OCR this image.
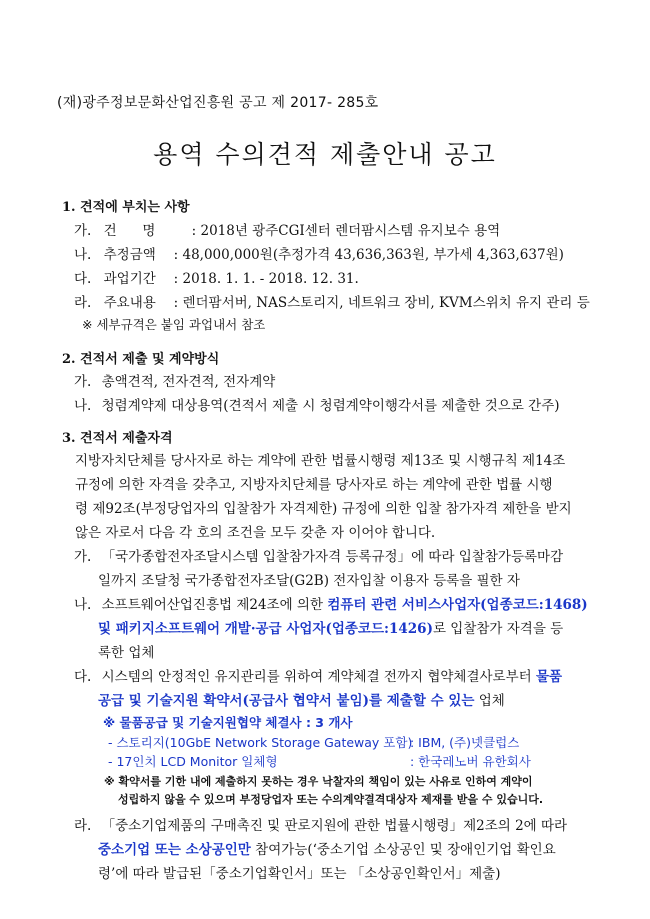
(재)광주정보문화산업진흥원 공고 제 2017- 285호
용역 수의견적 제출안내 공고
1. 견적에 부치는 사항
가. 건      명	: 2018년 광주CGI센터 렌더팜시스템 유지보수 용역
나. 추정금액 : 48,000,000원(추정가격 43,636,363원, 부가세 4,363,637원)
다. 과업기간 : 2018. 1. 1. - 2018. 12. 31.
라. 주요내용 : 렌더팜서버, NAS스토리지, 네트워크 장비, KVM스위치 유지 관리 등
※ 세부규격은 붙임 과업내서 참조
2. 견적서 제출 및 계약방식
가. 총액견적, 전자견적, 전자계약
나. 청렴계약제 대상용역(견적서 제출 시 청렴계약이행각서를 제출한 것으로 간주)
3. 견적서 제출자격
지방자치단체를 당사자로 하는 계약에 관한 법률시행령 제13조 및 시행규칙 제14조
규정에 의한 자격을 갖추고, 지방자치단체를 당사자로 하는 계약에 관한 법률 시행
령 제92조(부정당업자의 입찰참가 자격제한) 규정에 의한 입찰 참가자격 제한을 받지
않은 자로서 다음 각 호의 조건을 모두 갖춘 자 이어야 합니다.
가. 「국가종합전자조달시스템 입찰참가자격 등록규정」에 따라 입찰참가등록마감
일까지 조달청 국가종합전자조달(G2B) 전자입찰 이용자 등록을 필한 자
나. 소프트웨어산업진흥법 제24조에 의한 컴퓨터 관련 서비스사업자(업종코드:1468)
및 패키지소프트웨어 개발·공급 사업자(업종코드:1426)로 입찰참가 자격을 등
록한 업체
다. 시스템의 안정적인 유지관리를 위하여 계약체결 전까지 협약체결사로부터 물품
공급 및 기술지원 확약서(공급사 협약서 붙임)를 제출할 수 있는 업체
※ 물품공급 및 기술지원협약 체결사 : 3 개사
- 스토리지(10GbE Network Storage Gateway 포함): IBM, (주)넷클럽스
- 17인치 LCD Monitor 일체형	: 한국레노버 유한회사
※ 확약서를 기한 내에 제출하지 못하는 경우 낙찰자의 책임이 있는 사유로 인하여 계약이
성립하지 않을 수 있으며 부정당업자 또는 수의계약결격대상자 제재를 받을 수 있습니다.
라. 「중소기업제품의 구매촉진 및 판로지원에 관한 법률시행령」제2조의 2에 따라
중소기업 또는 소상공인만 참여가능(‘중소기업 소상공인 및 장애인기업 확인요
령’에 따라 발급된「중소기업확인서」또는 「소상공인확인서」제출)
